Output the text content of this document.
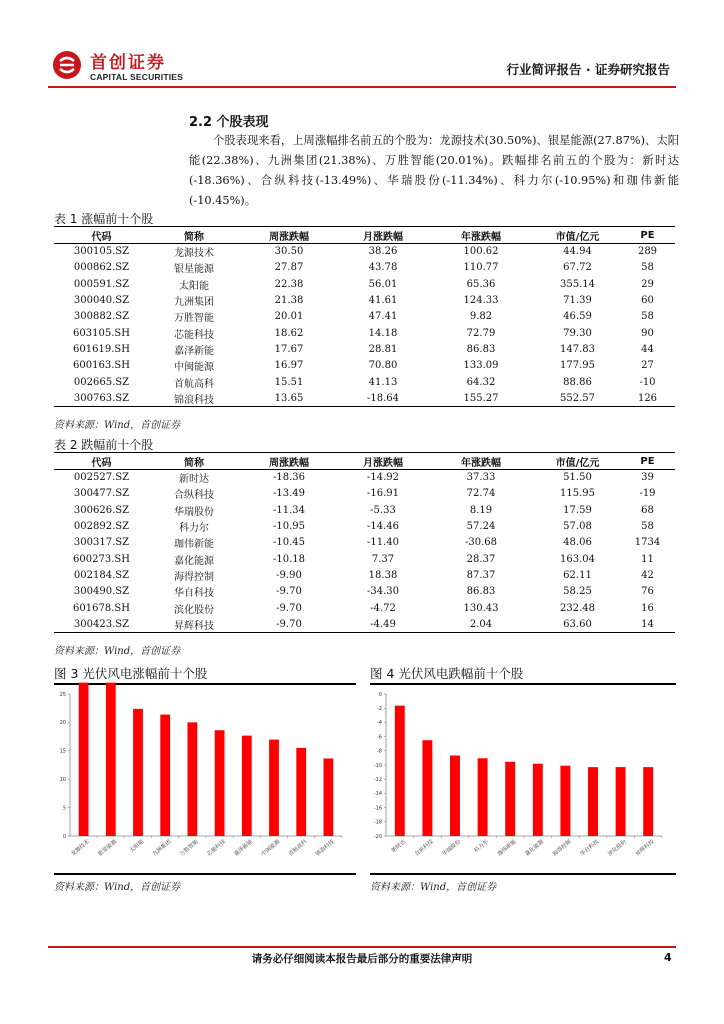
首创证券
CAPITAL SECURITIES	行业简评报告 · 证券研究报告
2.2 个股表现

个股表现来看，上周涨幅排名前五的个股为：龙源技术(30.50%)、银星能源(27.87%)、太阳能(22.38%)、九洲集团(21.38%)、万胜智能(20.01%)。跌幅排名前五的个股为：新时达(-18.36%)、合纵科技(-13.49%)、华瑞股份(-11.34%)、科力尔(-10.95%)和珈伟新能(-10.45%)。

表 1 涨幅前十个股
代码	简称	周涨跌幅	月涨跌幅	年涨跌幅	市值/亿元	PE
300105.SZ	龙源技术	30.50	38.26	100.62	44.94	289
000862.SZ	银星能源	27.87	43.78	110.77	67.72	58
000591.SZ	太阳能	22.38	56.01	65.36	355.14	29
300040.SZ	九洲集团	21.38	41.61	124.33	71.39	60
300882.SZ	万胜智能	20.01	47.41	9.82	46.59	58
603105.SH	芯能科技	18.62	14.18	72.79	79.30	90
601619.SH	嘉泽新能	17.67	28.81	86.83	147.83	44
600163.SH	中闽能源	16.97	70.80	133.09	177.95	27
002665.SZ	首航高科	15.51	41.13	64.32	88.86	-10
300763.SZ	锦浪科技	13.65	-18.64	155.27	552.57	126
资料来源：Wind，首创证券
表 2 跌幅前十个股
代码	简称	周涨跌幅	月涨跌幅	年涨跌幅	市值/亿元	PE
002527.SZ	新时达	-18.36	-14.92	37.33	51.50	39
300477.SZ	合纵科技	-13.49	-16.91	72.74	115.95	-19
300626.SZ	华瑞股份	-11.34	-5.33	8.19	17.59	68
002892.SZ	科力尔	-10.95	-14.46	57.24	57.08	58
300317.SZ	珈伟新能	-10.45	-11.40	-30.68	48.06	1734
600273.SH	嘉化能源	-10.18	7.37	28.37	163.04	11
002184.SZ	海得控制	-9.90	18.38	87.37	62.11	42
300490.SZ	华自科技	-9.70	-34.30	86.83	58.25	76
601678.SH	滨化股份	-9.70	-4.72	130.43	232.48	16
300423.SZ	昇辉科技	-9.70	-4.49	2.04	63.60	14
资料来源：Wind，首创证券
图 3 光伏风电涨幅前十个股
0
5
10
15
20
25
龙源技术 银星能源 太阳能 九洲集团 万胜智能 芯能科技 嘉泽新能 中闽能源 首航高科 锦浪科技
资料来源：Wind，首创证券
图 4 光伏风电跌幅前十个股
-20
-18
-16
-14
-12
-10
-8
-6
-4
-2
0
新时达 合纵科技 华瑞股份 科力尔 珈伟新能 嘉化能源 海得控制 华自科技 滨化股份 昇辉科技
资料来源：Wind，首创证券
请务必仔细阅读本报告最后部分的重要法律声明	4
